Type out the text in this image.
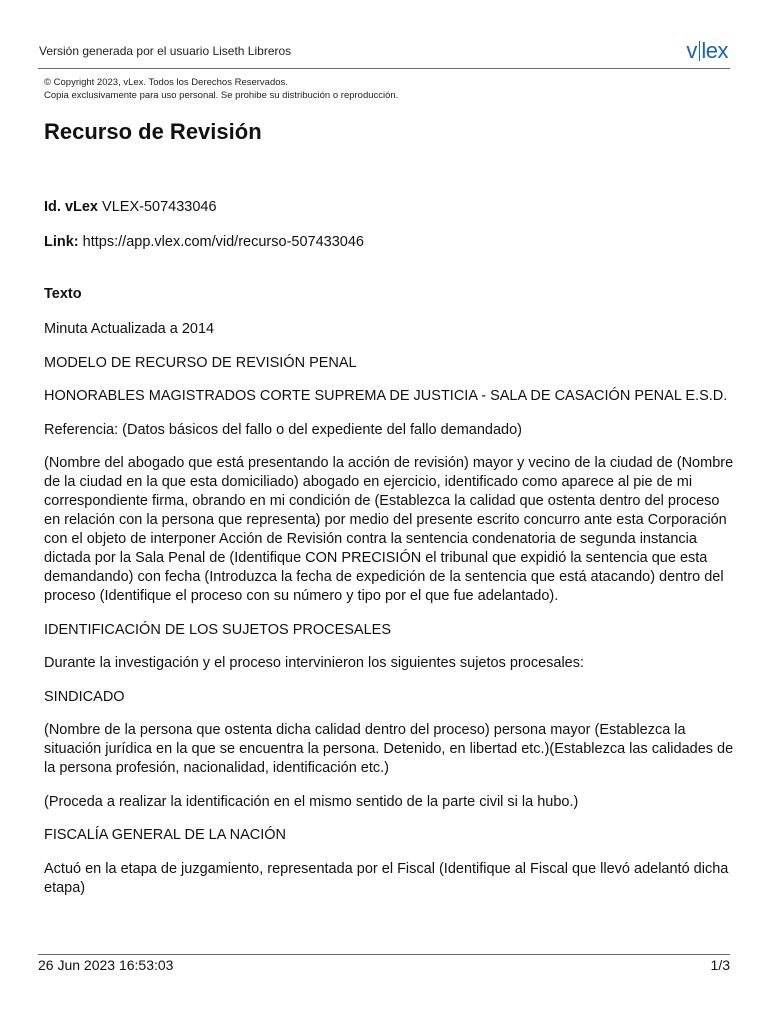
Versión generada por el usuario Liseth Libreros	v lex
© Copyright 2023, vLex. Todos los Derechos Reservados.
Copia exclusivamente para uso personal. Se prohibe su distribución o reproducción.
Recurso de Revisión
Id. vLex VLEX-507433046
Link: https://app.vlex.com/vid/recurso-507433046
Texto

Minuta Actualizada a 2014

MODELO DE RECURSO DE REVISIÓN PENAL

HONORABLES MAGISTRADOS CORTE SUPREMA DE JUSTICIA - SALA DE CASACIÓN PENAL E.S.D.

Referencia: (Datos básicos del fallo o del expediente del fallo demandado)

(Nombre del abogado que está presentando la acción de revisión) mayor y vecino de la ciudad de (Nombre de la ciudad en la que esta domiciliado) abogado en ejercicio, identificado como aparece al pie de mi correspondiente firma, obrando en mi condición de (Establezca la calidad que ostenta dentro del proceso en relación con la persona que representa) por medio del presente escrito concurro ante esta Corporación con el objeto de interponer Acción de Revisión contra la sentencia condenatoria de segunda instancia dictada por la Sala Penal de (Identifique CON PRECISIÓN el tribunal que expidió la sentencia que esta demandando) con fecha (Introduzca la fecha de expedición de la sentencia que está atacando) dentro del proceso (Identifique el proceso con su número y tipo por el que fue adelantado).

IDENTIFICACIÓN DE LOS SUJETOS PROCESALES

Durante la investigación y el proceso intervinieron los siguientes sujetos procesales:

SINDICADO

(Nombre de la persona que ostenta dicha calidad dentro del proceso) persona mayor (Establezca la situación jurídica en la que se encuentra la persona. Detenido, en libertad etc.)(Establezca las calidades de la persona profesión, nacionalidad, identificación etc.)

(Proceda a realizar la identificación en el mismo sentido de la parte civil si la hubo.)

FISCALÍA GENERAL DE LA NACIÓN

Actuó en la etapa de juzgamiento, representada por el Fiscal (Identifique al Fiscal que llevó adelantó dicha etapa)

26 Jun 2023 16:53:03	1/3
